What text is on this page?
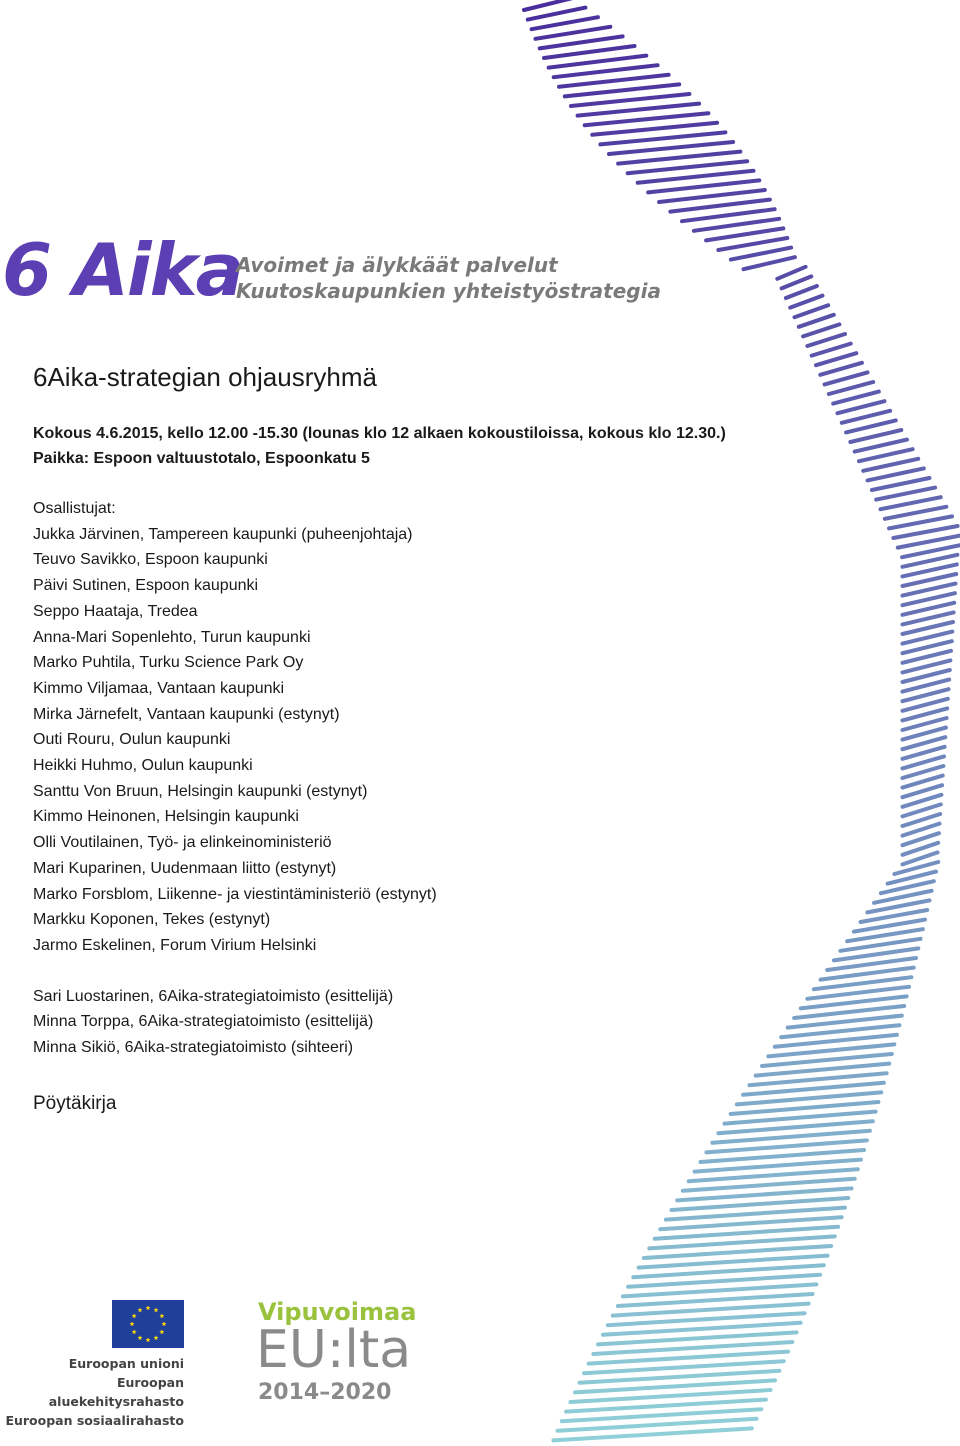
6 Aika
Avoimet ja älykkäät palvelut
Kuutoskaupunkien yhteistyöstrategia
6Aika-strategian ohjausryhmä
Kokous 4.6.2015, kello 12.00 -15.30 (lounas klo 12 alkaen kokoustiloissa, kokous klo 12.30.)
Paikka: Espoon valtuustotalo, Espoonkatu 5
Osallistujat:
Jukka Järvinen, Tampereen kaupunki (puheenjohtaja)
Teuvo Savikko, Espoon kaupunki
Päivi Sutinen, Espoon kaupunki
Seppo Haataja, Tredea
Anna-Mari Sopenlehto, Turun kaupunki
Marko Puhtila, Turku Science Park Oy
Kimmo Viljamaa, Vantaan kaupunki
Mirka Järnefelt, Vantaan kaupunki (estynyt)
Outi Rouru, Oulun kaupunki
Heikki Huhmo, Oulun kaupunki
Santtu Von Bruun, Helsingin kaupunki (estynyt)
Kimmo Heinonen, Helsingin kaupunki
Olli Voutilainen, Työ- ja elinkeinoministeriö
Mari Kuparinen, Uudenmaan liitto (estynyt)
Marko Forsblom, Liikenne- ja viestintäministeriö (estynyt)
Markku Koponen, Tekes (estynyt)
Jarmo Eskelinen, Forum Virium Helsinki
Sari Luostarinen, 6Aika-strategiatoimisto (esittelijä)
Minna Torppa, 6Aika-strategiatoimisto (esittelijä)
Minna Sikiö, 6Aika-strategiatoimisto (sihteeri)
Pöytäkirja
Euroopan unioni
Euroopan aluekehitysrahasto
Euroopan sosiaalirahasto
Vipuvoimaa
EU:lta
2014–2020
